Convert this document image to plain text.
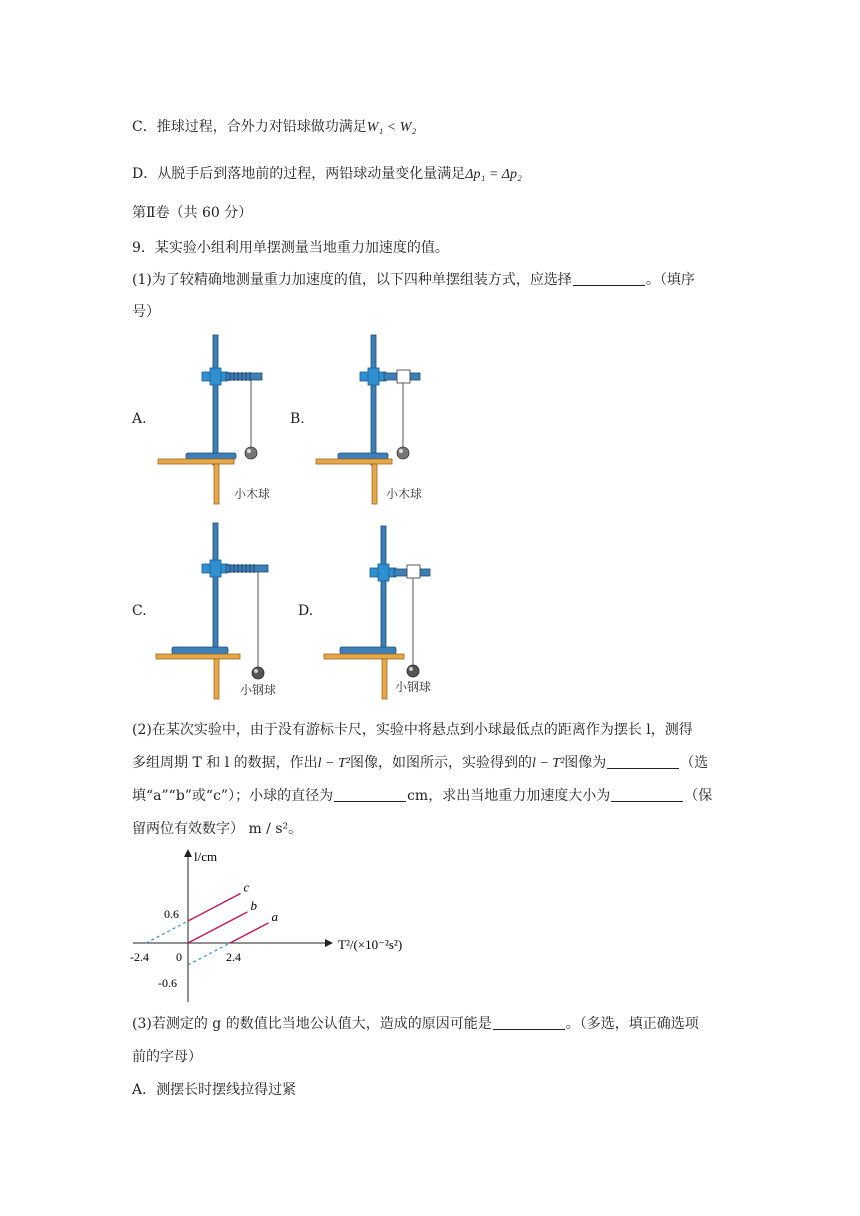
C．推球过程，合外力对铅球做功满足W₁ < W₂
D．从脱手后到落地前的过程，两铅球动量变化量满足Δp₁ = Δp₂
第Ⅱ卷（共 60 分）
9．某实验小组利用单摆测量当地重力加速度的值。
(1)为了较精确地测量重力加速度的值，以下四种单摆组装方式，应选择	。（填序
号）
A.	B.
C.	D.
小木球	小木球
小钢球	小钢球
(2)在某次实验中，由于没有游标卡尺，实验中将悬点到小球最低点的距离作为摆长 l，测得
多组周期 T 和 l 的数据，作出l − T²图像，如图所示，实验得到的l − T²图像为	（选
填“a”“b”或“c”）；小球的直径为	cm，求出当地重力加速度大小为	（保
留两位有效数字） m / s²。
c
b
a
l/cm
T²/(×10⁻²s²)
-2.4 0	2.4
0.6
-0.6
(3)若测定的 g 的数值比当地公认值大，造成的原因可能是	。（多选，填正确选项
前的字母）
A．测摆长时摆线拉得过紧
